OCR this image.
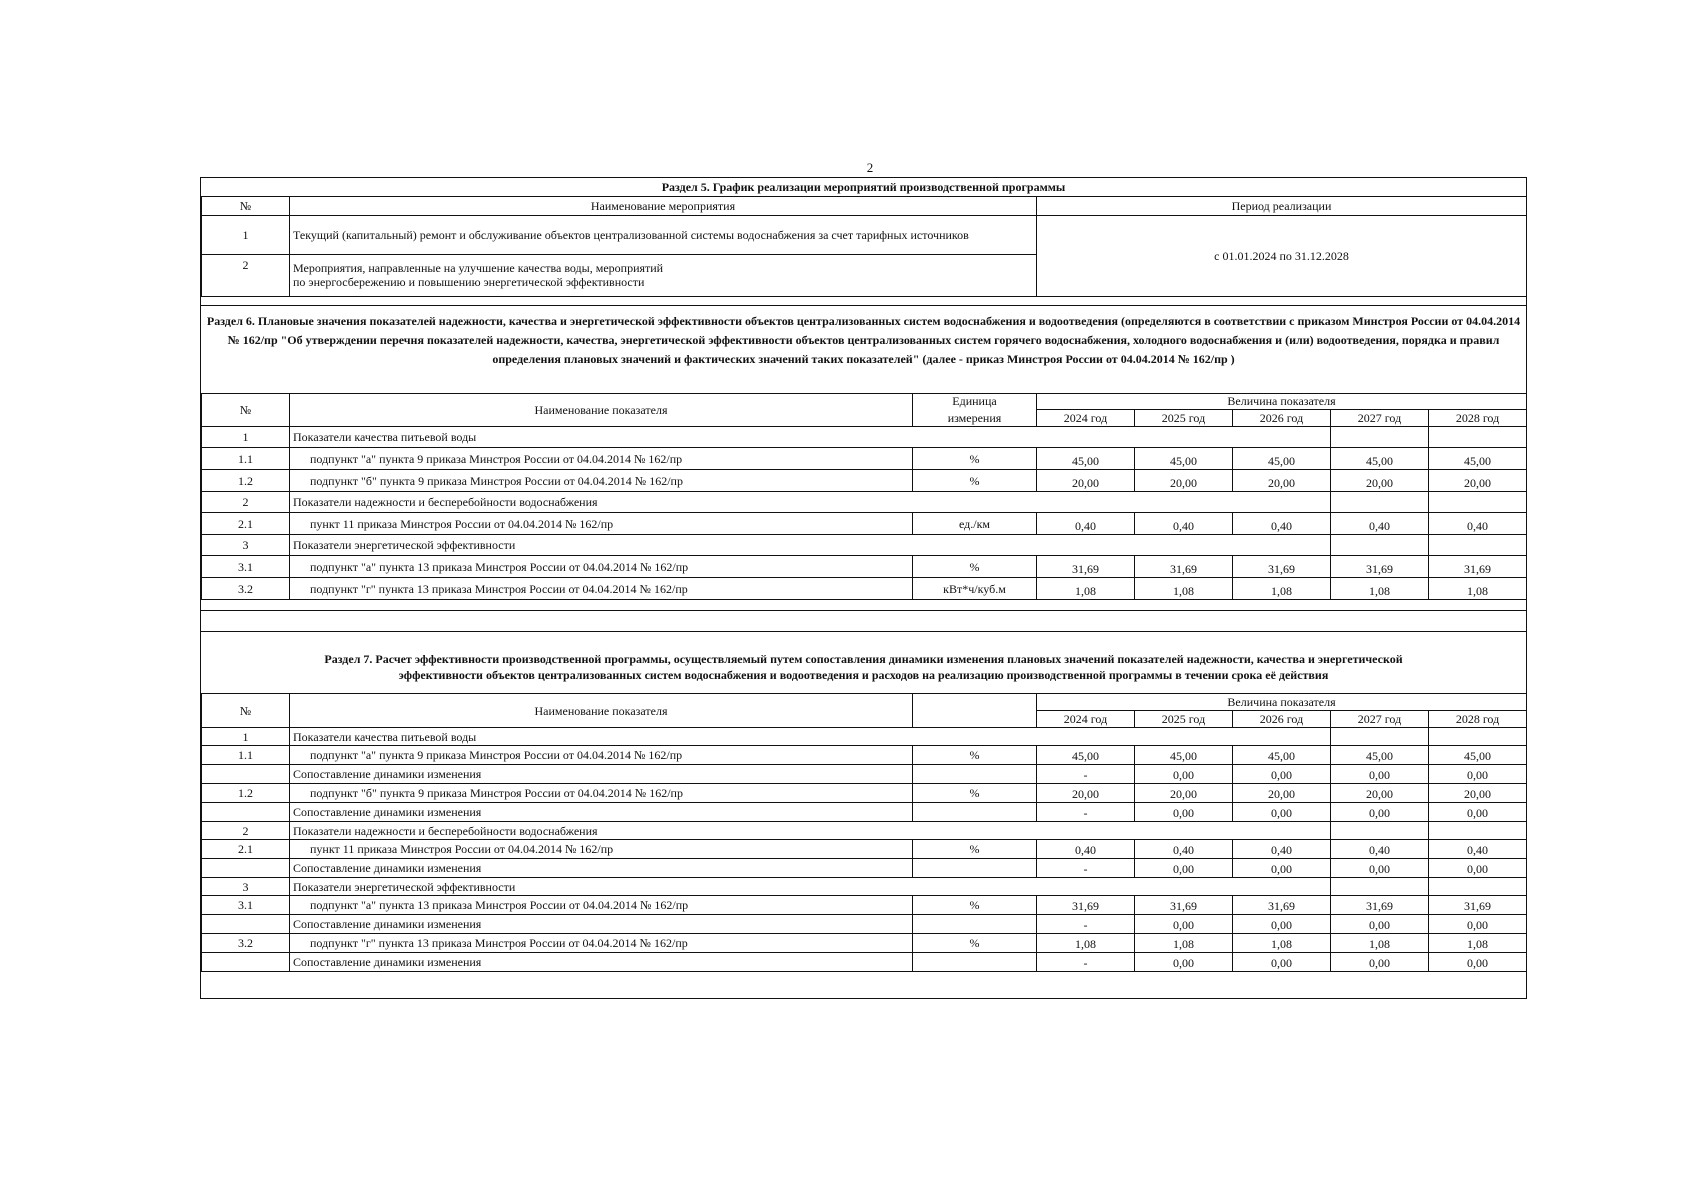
2
Раздел 5. График реализации мероприятий производственной программы
№	Наименование мероприятия	Период реализации
1	Текущий (капитальный) ремонт и обслуживание объектов централизованной системы водоснабжения за счет тарифных источников	с 01.01.2024 по 31.12.2028
2	Мероприятия, направленные на улучшение качества воды, мероприятий
по энергосбережению и повышению энергетической эффективности	
Раздел 6. Плановые значения показателей надежности, качества и энергетической эффективности объектов централизованных систем водоснабжения и водоотведения (определяются в соответствии с приказом Минстроя России от 04.04.2014 № 162/пр "Об утверждении перечня показателей надежности, качества, энергетической эффективности объектов централизованных систем горячего водоснабжения, холодного водоснабжения и (или) водоотведения, порядка и правил определения плановых значений и фактических значений таких показателей" (далее - приказ Минстроя России от 04.04.2014 № 162/пр )
№	Наименование показателя	Единица	Величина показателя				
		измерения	2024 год	2025 год	2026 год	2027 год	2028 год
1	Показатели качества питьевой воды						
1.1	подпункт "а" пункта 9 приказа Минстроя России от 04.04.2014 № 162/пр	%	45,00	45,00	45,00	45,00	45,00
1.2	подпункт "б" пункта 9 приказа Минстроя России от 04.04.2014 № 162/пр	%	20,00	20,00	20,00	20,00	20,00
2	Показатели надежности и бесперебойности водоснабжения						
2.1	пункт 11 приказа Минстроя России от 04.04.2014 № 162/пр	ед./км	0,40	0,40	0,40	0,40	0,40
3	Показатели энергетической эффективности						
3.1	подпункт "а" пункта 13 приказа Минстроя России от 04.04.2014 № 162/пр	%	31,69	31,69	31,69	31,69	31,69
3.2	подпункт "г" пункта 13 приказа Минстроя России от 04.04.2014 № 162/пр	кВт*ч/куб.м	1,08	1,08	1,08	1,08	1,08
Раздел 7. Расчет эффективности производственной программы, осуществляемый путем сопоставления динамики изменения плановых значений показателей надежности, качества и энергетической
эффективности объектов централизованных систем водоснабжения и водоотведения и расходов на реализацию производственной программы в течении срока её действия
№	Наименование показателя		Величина показателя				
			2024 год	2025 год	2026 год	2027 год	2028 год
1	Показатели качества питьевой воды						
1.1	подпункт "а" пункта 9 приказа Минстроя России от 04.04.2014 № 162/пр	%	45,00	45,00	45,00	45,00	45,00
	Сопоставление динамики изменения		-	0,00	0,00	0,00	0,00
1.2	подпункт "б" пункта 9 приказа Минстроя России от 04.04.2014 № 162/пр	%	20,00	20,00	20,00	20,00	20,00
	Сопоставление динамики изменения		-	0,00	0,00	0,00	0,00
2	Показатели надежности и бесперебойности водоснабжения						
2.1	пункт 11 приказа Минстроя России от 04.04.2014 № 162/пр	%	0,40	0,40	0,40	0,40	0,40
	Сопоставление динамики изменения		-	0,00	0,00	0,00	0,00
3	Показатели энергетической эффективности						
3.1	подпункт "а" пункта 13 приказа Минстроя России от 04.04.2014 № 162/пр	%	31,69	31,69	31,69	31,69	31,69
	Сопоставление динамики изменения		-	0,00	0,00	0,00	0,00
3.2	подпункт "г" пункта 13 приказа Минстроя России от 04.04.2014 № 162/пр	%	1,08	1,08	1,08	1,08	1,08
	Сопоставление динамики изменения		-	0,00	0,00	0,00	0,00
